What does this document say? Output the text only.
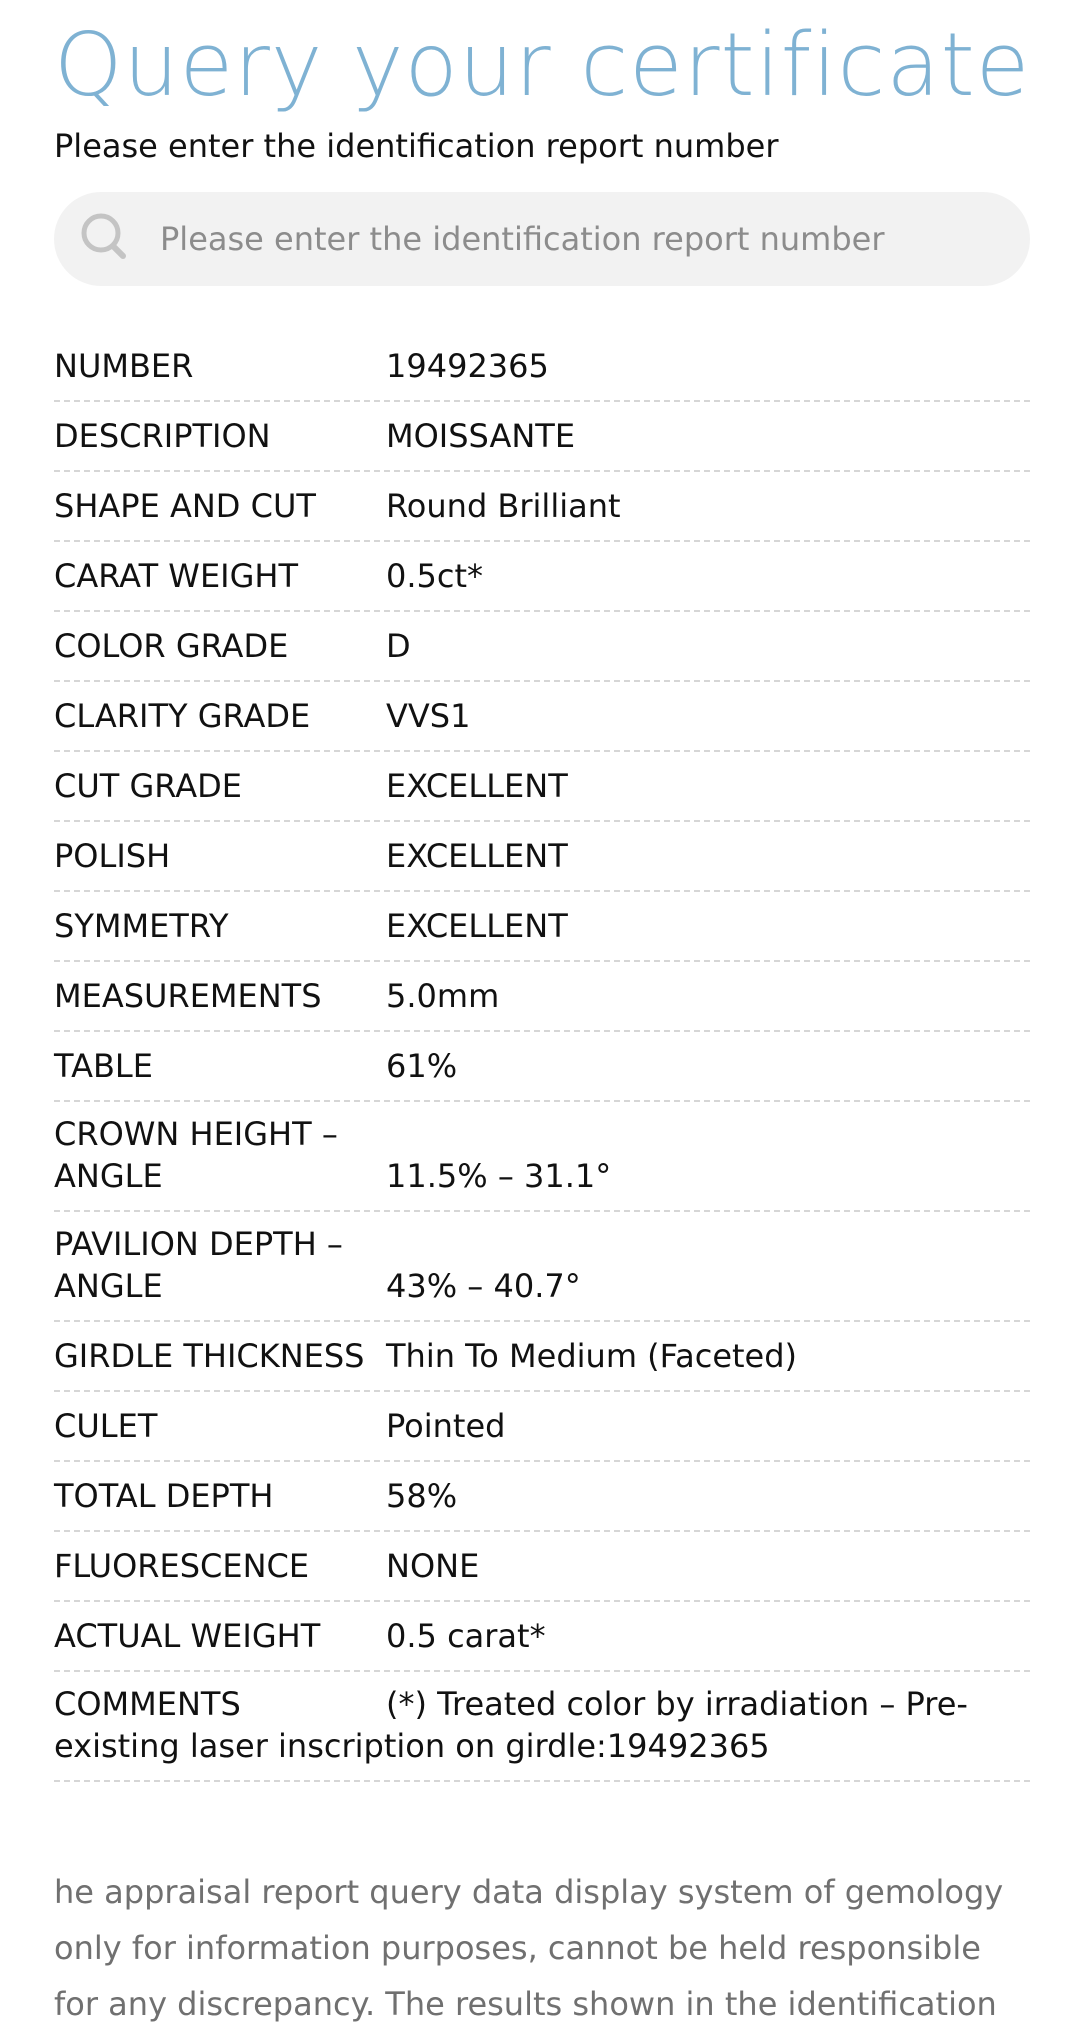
Query your certificate
Please enter the identification report number
Please enter the identification report number
NUMBER	19492365
DESCRIPTION	MOISSANTE
SHAPE AND CUT	Round Brilliant
CARAT WEIGHT	0.5ct*
COLOR GRADE	D
CLARITY GRADE	VVS1
CUT GRADE	EXCELLENT
POLISH	EXCELLENT
SYMMETRY	EXCELLENT
MEASUREMENTS	5.0mm
TABLE	61%
CROWN HEIGHT – ANGLE	11.5% – 31.1°
PAVILION DEPTH – ANGLE	43% – 40.7°
GIRDLE THICKNESS Thin To Medium (Faceted)
CULET	Pointed
TOTAL DEPTH	58%
FLUORESCENCE	NONE
ACTUAL WEIGHT	0.5 carat*
COMMENTS	(*) Treated color by irradiation – Pre-existing laser inscription on girdle:19492365
he appraisal report query data display system of gemology only for information purposes, cannot be held responsible for any discrepancy. The results shown in the identification
